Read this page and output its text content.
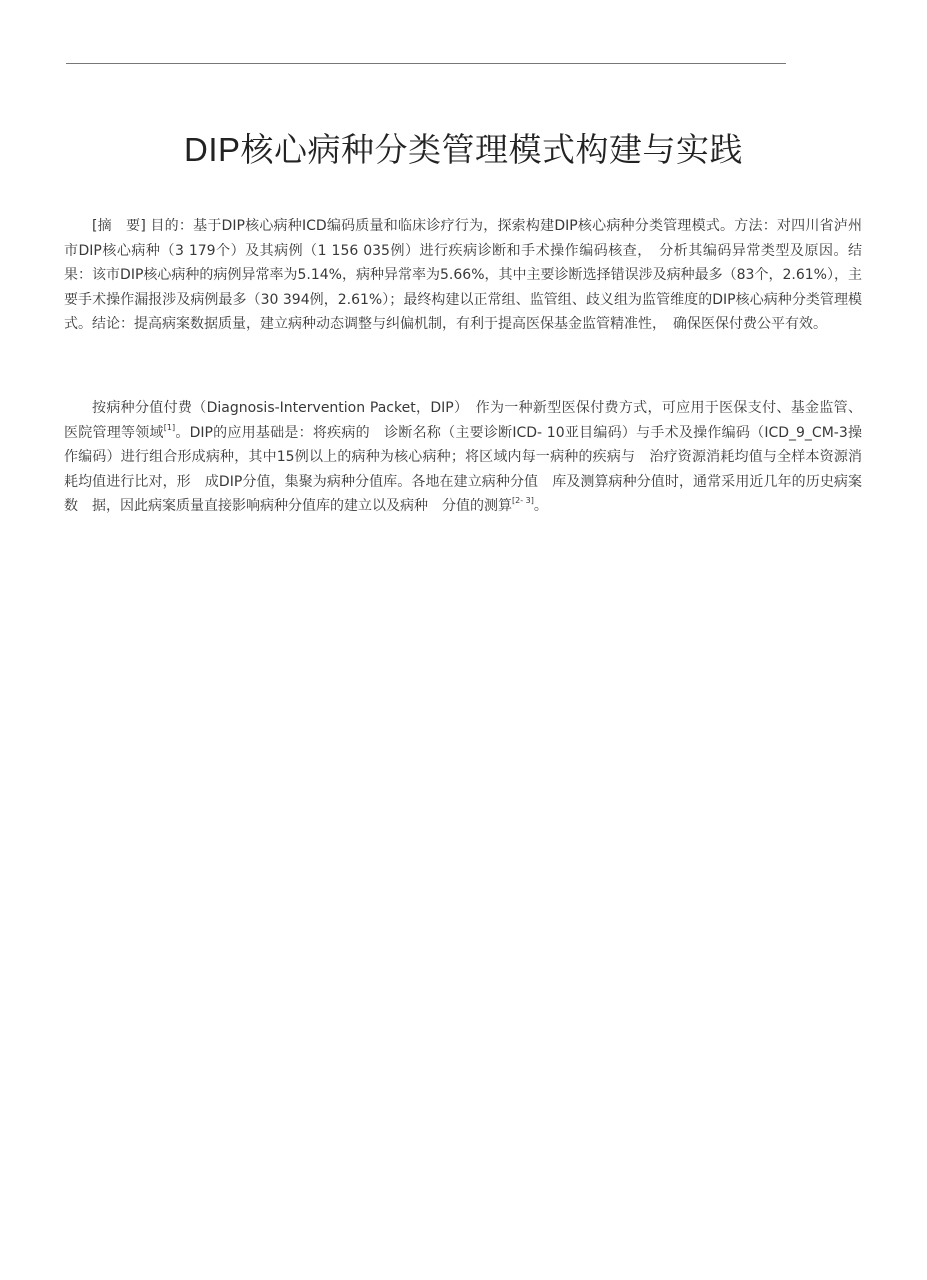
DIP核心病种分类管理模式构建与实践

[摘　要] 目的：基于DIP核心病种ICD编码质量和临床诊疗行为，探索构建DIP核心病种分类管理模式。方法：对四川省泸州市DIP核心病种（3 179个）及其病例（1 156 035例）进行疾病诊断和手术操作编码核查，　分析其编码异常类型及原因。结果：该市DIP核心病种的病例异常率为5.14%，病种异常率为5.66%，其中主要诊断选择错误涉及病种最多（83个，2.61%），主要手术操作漏报涉及病例最多（30 394例，2.61%）；最终构建以正常组、监管组、歧义组为监管维度的DIP核心病种分类管理模式。结论：提高病案数据质量，建立病种动态调整与纠偏机制，有利于提高医保基金监管精准性，　确保医保付费公平有效。

按病种分值付费（Diagnosis-Intervention Packet，DIP）　作为一种新型医保付费方式，可应用于医保支付、基金监管、医院管理等领域[1]。DIP的应用基础是：将疾病的　诊断名称（主要诊断ICD- 10亚目编码）与手术及操作编码（ICD_9_CM-3操作编码）进行组合形成病种，其中15例以上的病种为核心病种；将区域内每一病种的疾病与　治疗资源消耗均值与全样本资源消耗均值进行比对，形　成DIP分值，集聚为病种分值库。各地在建立病种分值　库及测算病种分值时，通常采用近几年的历史病案数　据，因此病案质量直接影响病种分值库的建立以及病种　分值的测算[2- 3]。
